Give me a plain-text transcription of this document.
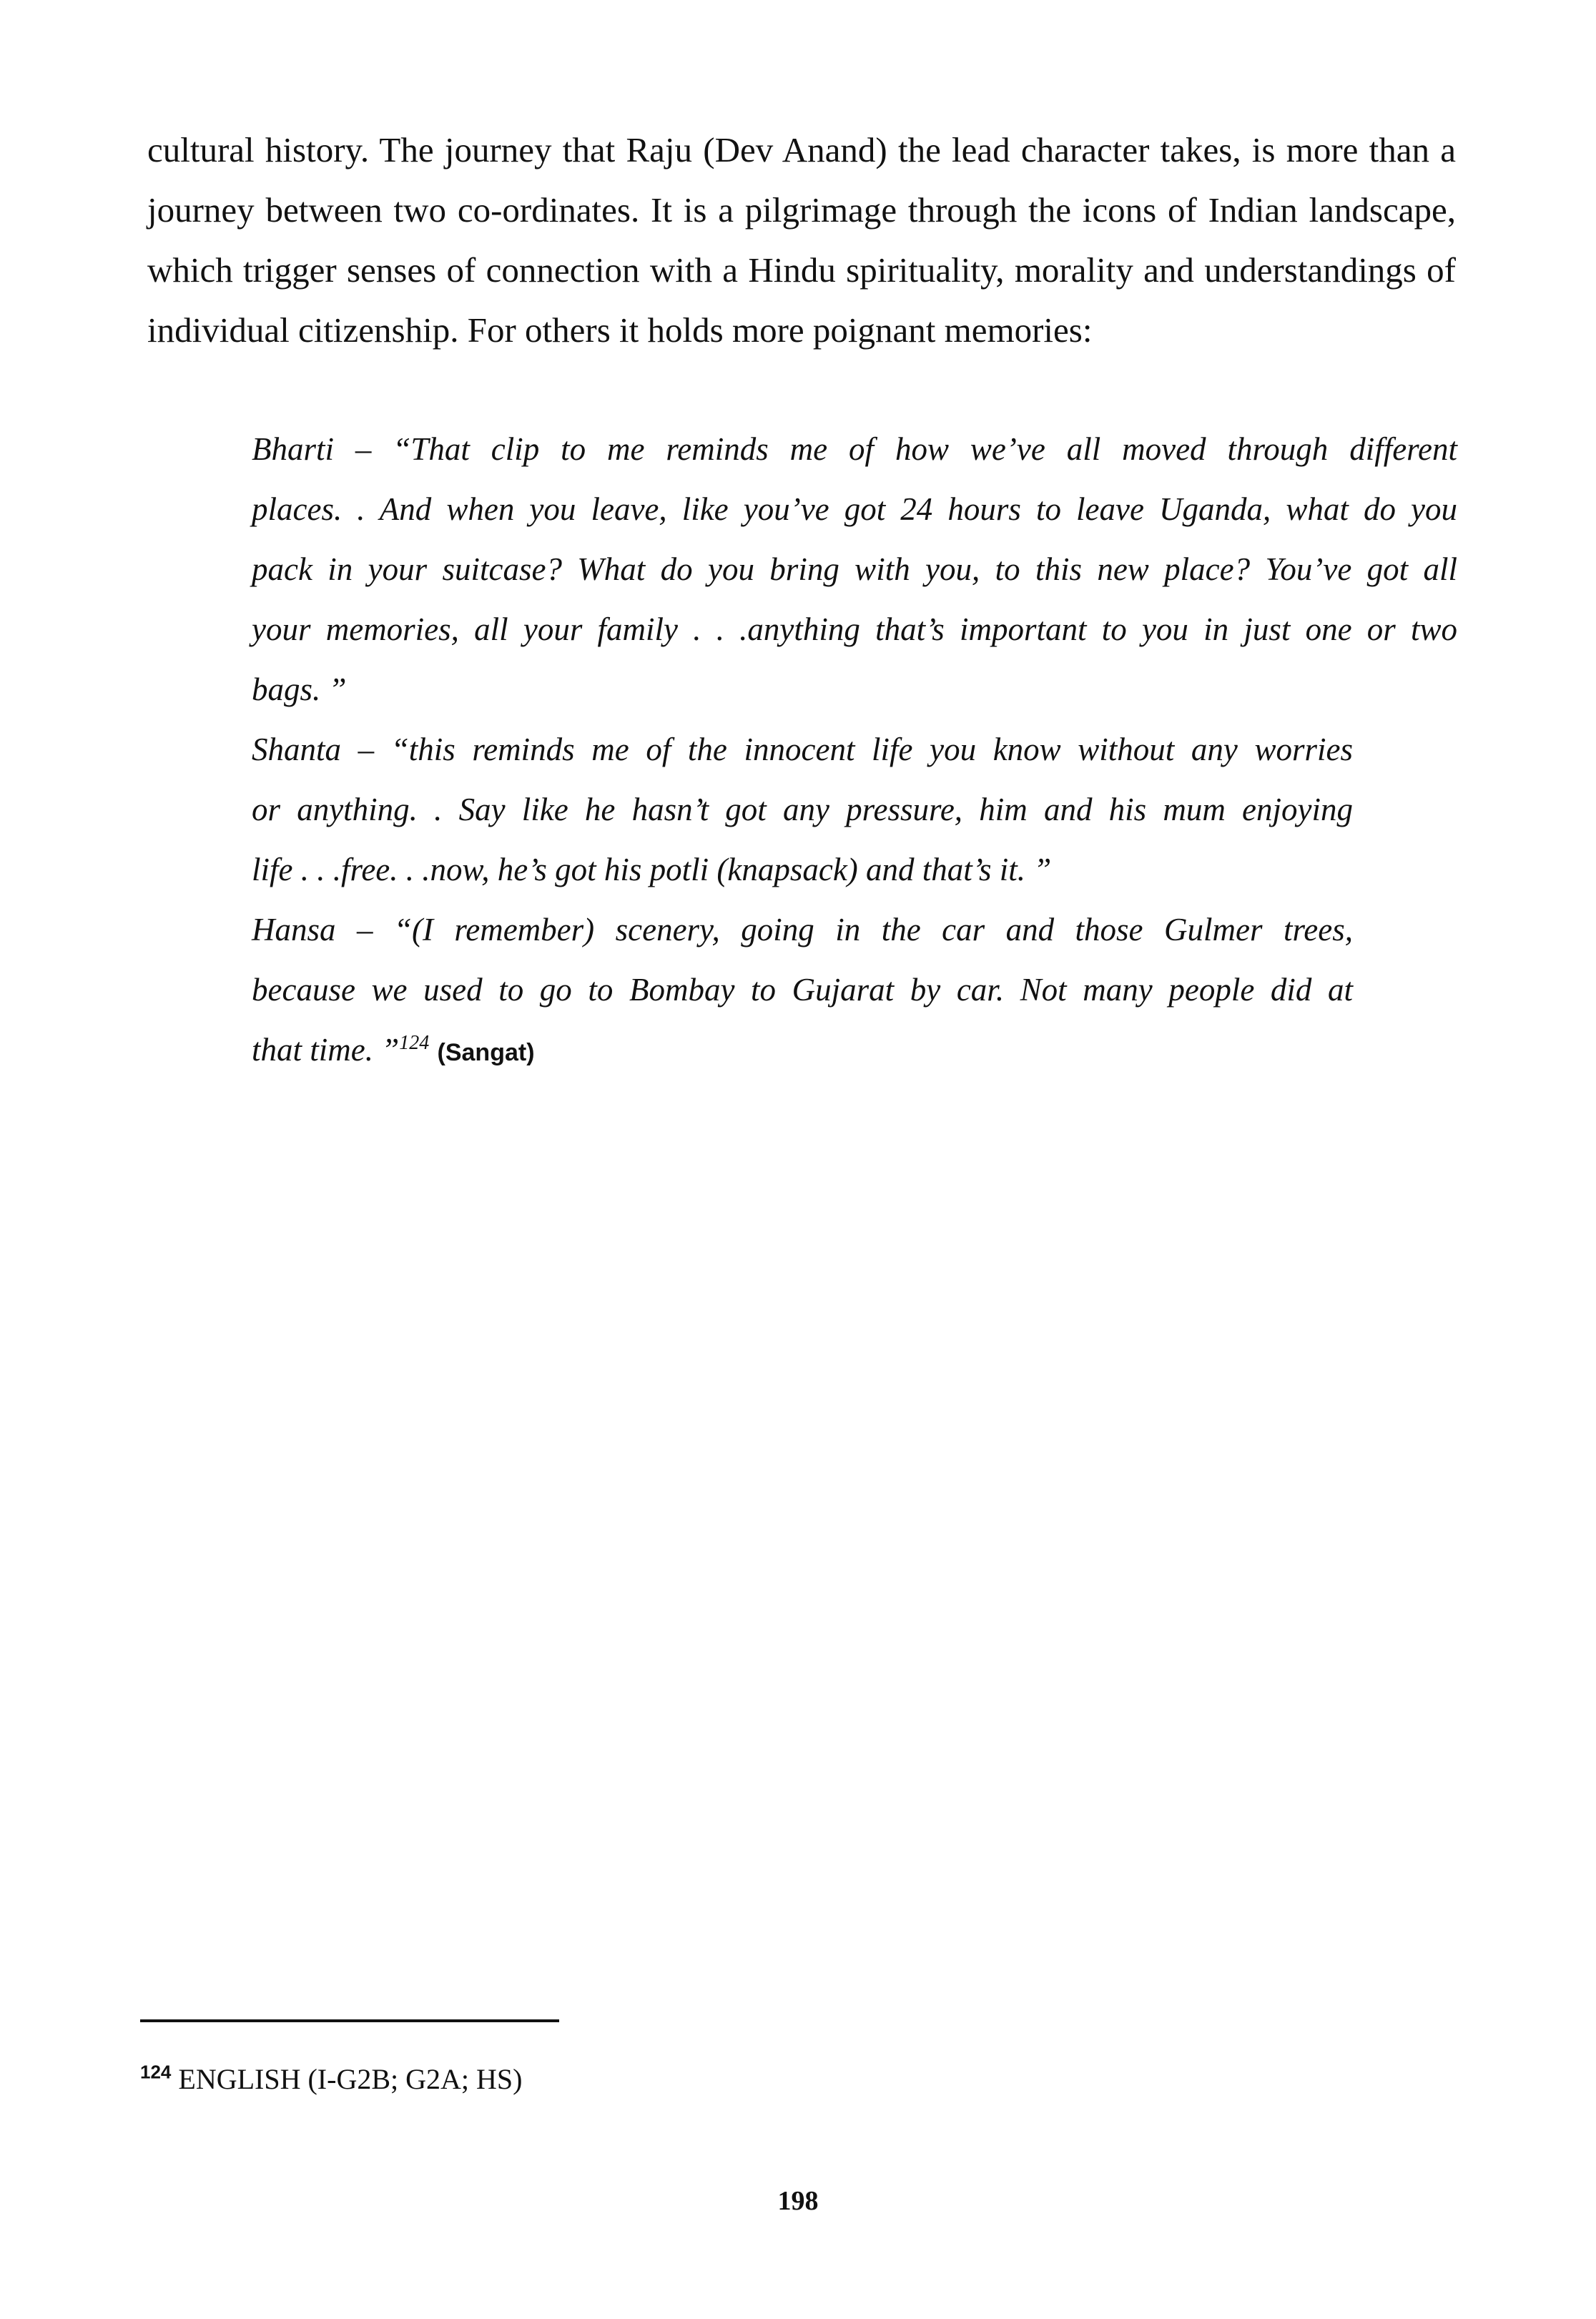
cultural history. The journey that Raju (Dev Anand) the lead character takes, is more than a
journey between two co-ordinates. It is a pilgrimage through the icons of Indian landscape,
which trigger senses of connection with a Hindu spirituality, morality and understandings of
individual citizenship. For others it holds more poignant memories:

Bharti – “That clip to me reminds me of how we’ve all moved through different
places. . And when you leave, like you’ve got 24 hours to leave Uganda, what do you
pack in your suitcase? What do you bring with you, to this new place? You’ve got all
your memories, all your family . . .anything that’s important to you in just one or two
bags. ”
Shanta – “this reminds me of the innocent life you know without any worries
or anything. . Say like he hasn’t got any pressure, him and his mum enjoying
life . . .free. . .now, he’s got his potli (knapsack) and that’s it. ”
Hansa – “(I remember) scenery, going in the car and those Gulmer trees,
because we used to go to Bombay to Gujarat by car. Not many people did at
that time. ”$^{124}$ (Sangat)
$^{124}$ ENGLISH (I-G2B; G2A; HS)
198
